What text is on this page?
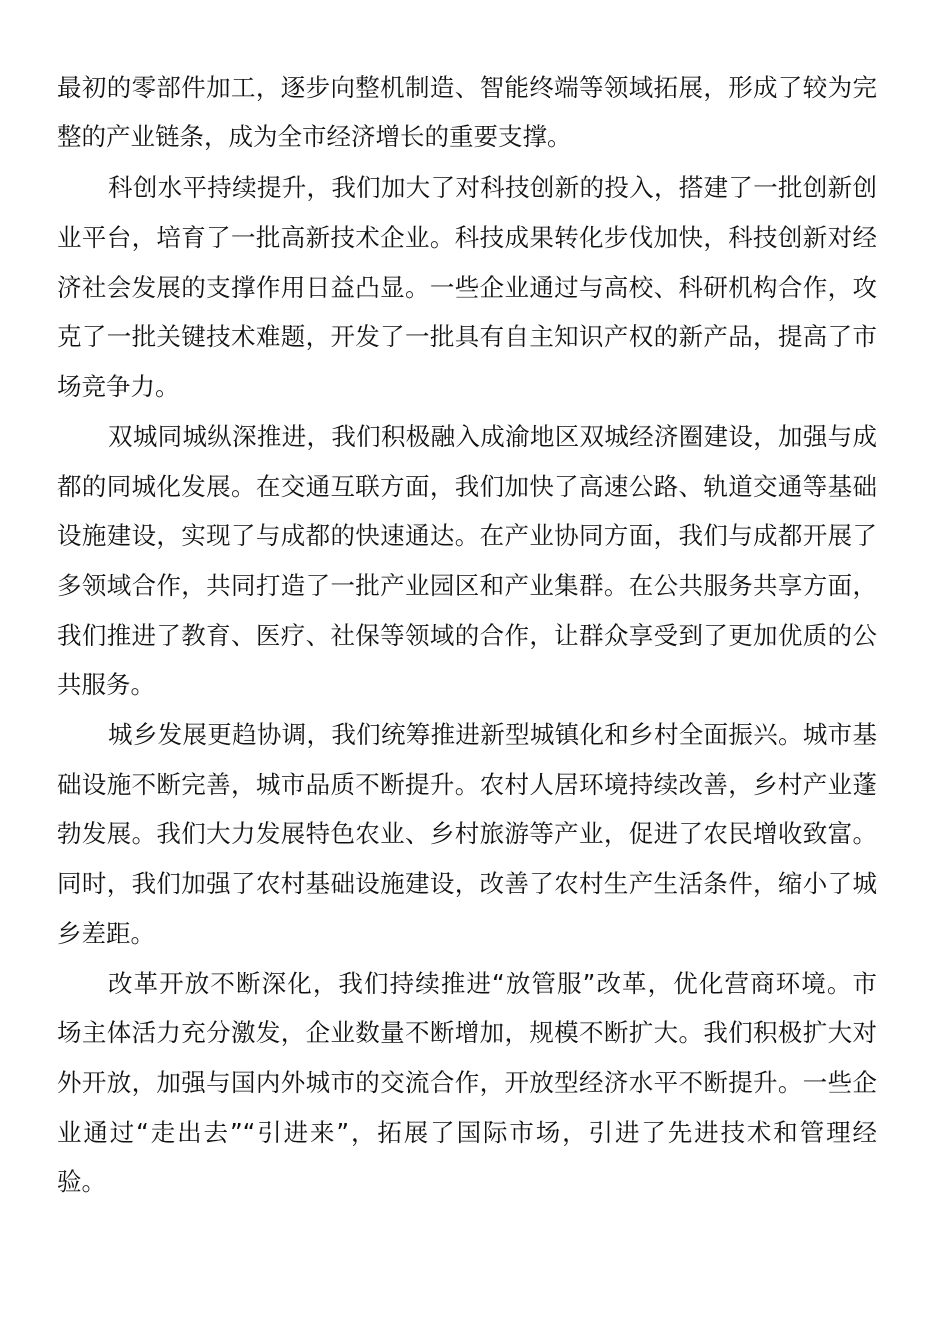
最初的零部件加工，逐步向整机制造、智能终端等领域拓展，形成了较为完
整的产业链条，成为全市经济增长的重要支撑。
科创水平持续提升，我们加大了对科技创新的投入，搭建了一批创新创
业平台，培育了一批高新技术企业。科技成果转化步伐加快，科技创新对经
济社会发展的支撑作用日益凸显。一些企业通过与高校、科研机构合作，攻
克了一批关键技术难题，开发了一批具有自主知识产权的新产品，提高了市
场竞争力。
双城同城纵深推进，我们积极融入成渝地区双城经济圈建设，加强与成
都的同城化发展。在交通互联方面，我们加快了高速公路、轨道交通等基础
设施建设，实现了与成都的快速通达。在产业协同方面，我们与成都开展了
多领域合作，共同打造了一批产业园区和产业集群。在公共服务共享方面，
我们推进了教育、医疗、社保等领域的合作，让群众享受到了更加优质的公
共服务。
城乡发展更趋协调，我们统筹推进新型城镇化和乡村全面振兴。城市基
础设施不断完善，城市品质不断提升。农村人居环境持续改善，乡村产业蓬
勃发展。我们大力发展特色农业、乡村旅游等产业，促进了农民增收致富。
同时，我们加强了农村基础设施建设，改善了农村生产生活条件，缩小了城
乡差距。
改革开放不断深化，我们持续推进“放管服”改革，优化营商环境。市
场主体活力充分激发，企业数量不断增加，规模不断扩大。我们积极扩大对
外开放，加强与国内外城市的交流合作，开放型经济水平不断提升。一些企
业通过“走出去”“引进来”，拓展了国际市场，引进了先进技术和管理经
验。
